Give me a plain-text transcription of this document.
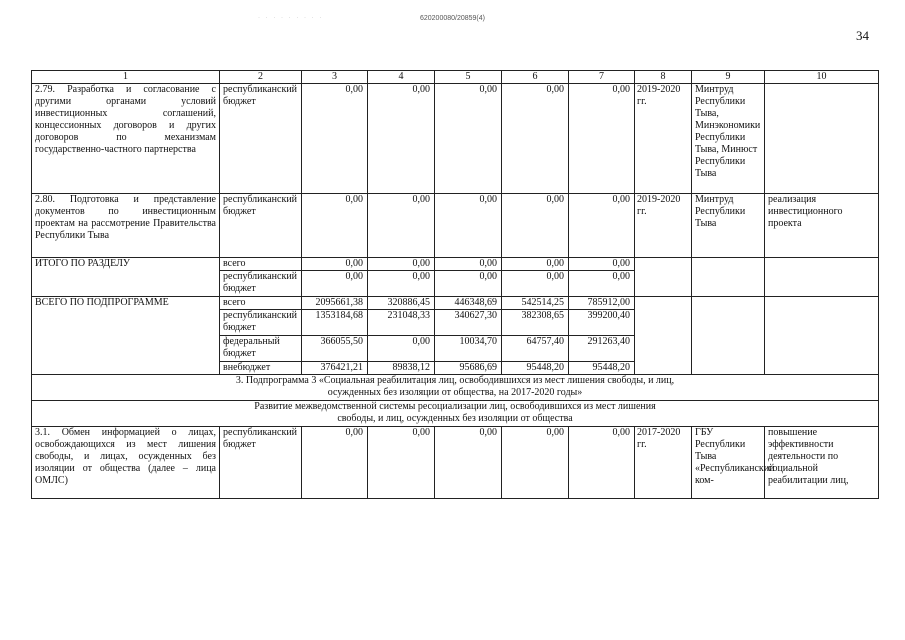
· · · · · · · · ·	620200080/20859(4)
34
1	2	3	4	5	6	7	8	9	10
2.79. Разработка и согласование с другими органами условий инвестиционных соглашений, концессионных договоров и других договоров по механизмам государственно-частного партнерства	республиканский бюджет	0,00	0,00	0,00	0,00	0,00	2019-2020 гг.	Минтруд Республики Тыва, Минэкономики Республики Тыва, Минюст Республики Тыва	
2.80. Подготовка и представление документов по инвестиционным проектам на рассмотрение Правительства Республики Тыва	республиканский бюджет	0,00	0,00	0,00	0,00	0,00	2019-2020 гг.	Минтруд Республики Тыва	реализация инвестиционного проекта
ИТОГО ПО РАЗДЕЛУ	всего	0,00	0,00	0,00	0,00	0,00			
	республиканский бюджет	0,00	0,00	0,00	0,00	0,00			
ВСЕГО ПО ПОДПРОГРАММЕ	всего	2095661,38	320886,45	446348,69	542514,25	785912,00			
	республиканский бюджет	1353184,68	231048,33	340627,30	382308,65	399200,40			
	федеральный бюджет	366055,50	0,00	10034,70	64757,40	291263,40			
	внебюджет	376421,21	89838,12	95686,69	95448,20	95448,20			
3. Подпрограмма 3 «Социальная реабилитация лиц, освободившихся из мест лишения свободы, и лиц, осужденных без изоляции от общества, на 2017-2020 годы»									
Развитие межведомственной системы ресоциализации лиц, освободившихся из мест лишения свободы, и лиц, осужденных без изоляции от общества									
3.1. Обмен информацией о лицах, освобождающихся из мест лишения свободы, и лицах, осужденных без изоляции от общества (далее – лица ОМЛС)	республиканский бюджет	0,00	0,00	0,00	0,00	0,00	2017-2020 гг.	ГБУ Республики Тыва «Республиканский ком-	повышение эффективности деятельности по социальной реабилитации лиц,
